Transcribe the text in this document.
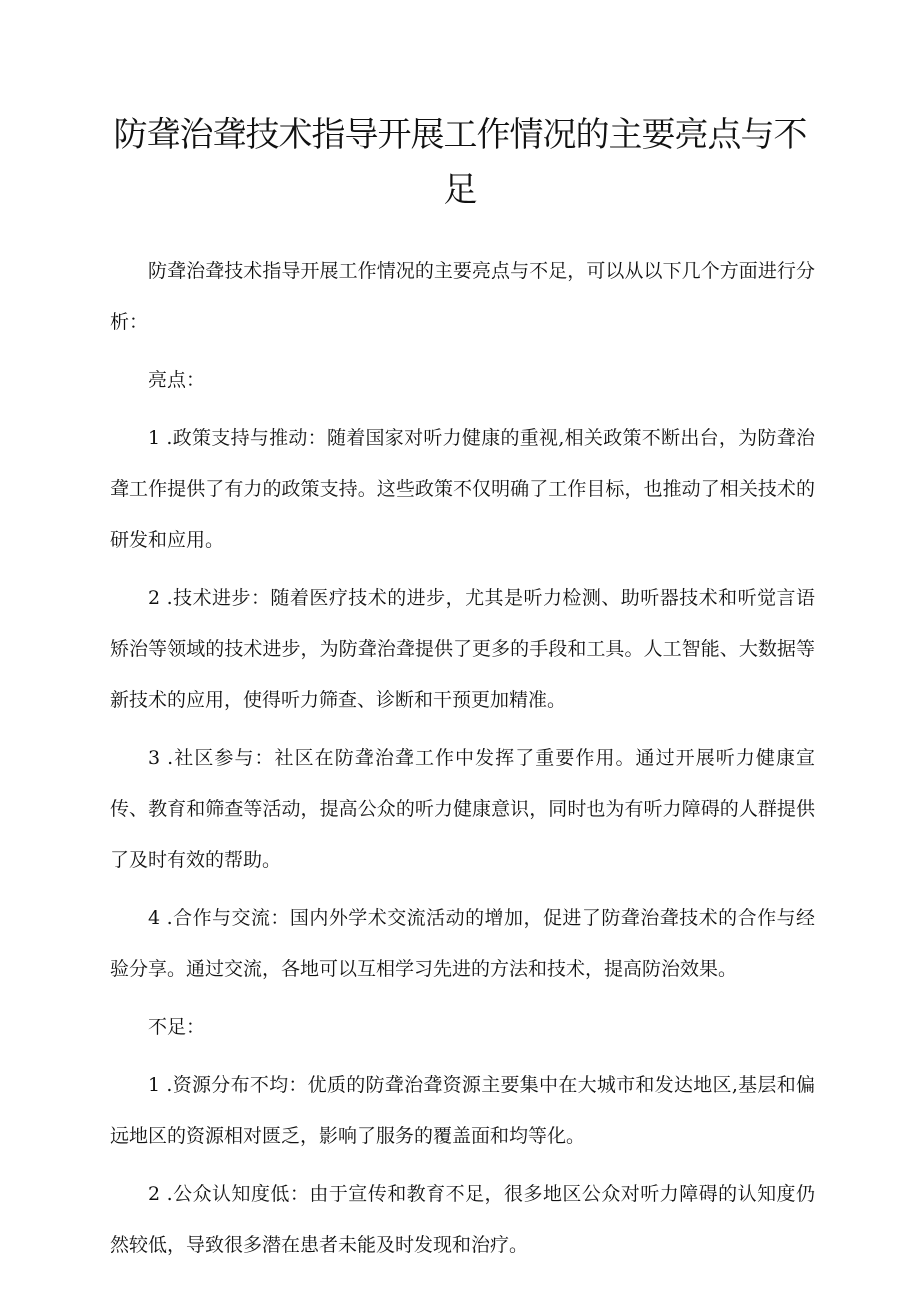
防聋治聋技术指导开展工作情况的主要亮点与不足

防聋治聋技术指导开展工作情况的主要亮点与不足，可以从以下几个方面进行分析：

亮点：

1 .政策支持与推动：随着国家对听力健康的重视,相关政策不断出台，为防聋治聋工作提供了有力的政策支持。这些政策不仅明确了工作目标，也推动了相关技术的研发和应用。

2 .技术进步：随着医疗技术的进步，尤其是听力检测、助听器技术和听觉言语矫治等领域的技术进步，为防聋治聋提供了更多的手段和工具。人工智能、大数据等新技术的应用，使得听力筛查、诊断和干预更加精准。

3 .社区参与：社区在防聋治聋工作中发挥了重要作用。通过开展听力健康宣传、教育和筛查等活动，提高公众的听力健康意识，同时也为有听力障碍的人群提供了及时有效的帮助。

4 .合作与交流：国内外学术交流活动的增加，促进了防聋治聋技术的合作与经验分享。通过交流，各地可以互相学习先进的方法和技术，提高防治效果。

不足：

1 .资源分布不均：优质的防聋治聋资源主要集中在大城市和发达地区,基层和偏远地区的资源相对匮乏，影响了服务的覆盖面和均等化。

2 .公众认知度低：由于宣传和教育不足，很多地区公众对听力障碍的认知度仍然较低，导致很多潜在患者未能及时发现和治疗。
